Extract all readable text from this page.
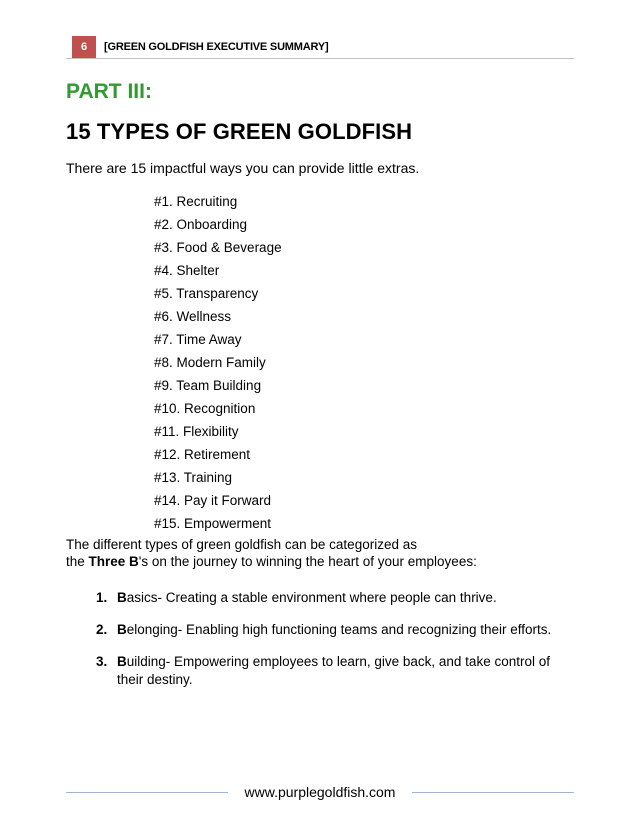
6	[GREEN GOLDFISH EXECUTIVE SUMMARY]
PART III:
15 TYPES OF GREEN GOLDFISH
There are 15 impactful ways you can provide little extras.
#1. Recruiting
#2. Onboarding
#3. Food & Beverage
#4. Shelter
#5. Transparency
#6. Wellness
#7. Time Away
#8. Modern Family
#9. Team Building
#10. Recognition
#11. Flexibility
#12. Retirement
#13. Training
#14. Pay it Forward
#15. Empowerment
The different types of green goldfish can be categorized as
the Three B's on the journey to winning the heart of your employees:
1. Basics- Creating a stable environment where people can thrive.
2. Belonging- Enabling high functioning teams and recognizing their efforts.
3. Building- Empowering employees to learn, give back, and take control of their destiny.
www.purplegoldfish.com
